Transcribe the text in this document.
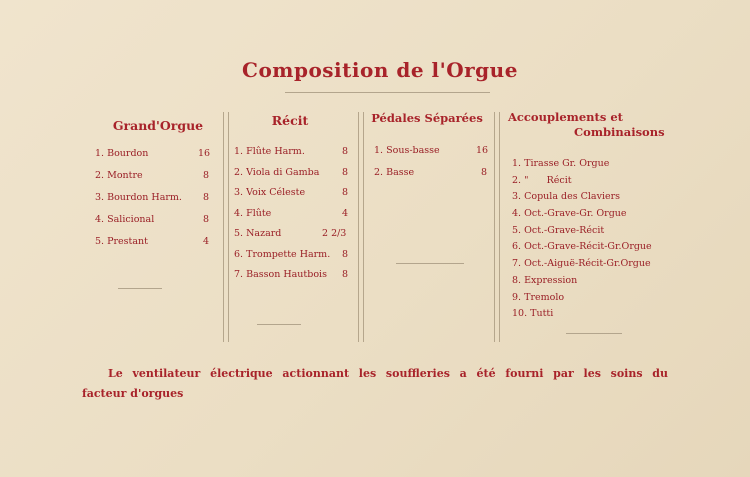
Composition de l'Orgue
Grand'Orgue
1. Bourdon	16
2. Montre	8
3. Bourdon Harm. 8
4. Salicional	8
5. Prestant	4
Récit
1. Flûte Harm.	8
2. Viola di Gamba 8
3. Voix Céleste	8
4. Flûte	4
5. Nazard	2 2/3
6. Trompette Harm. 8
7. Basson Hautbois 8
Pédales Séparées
1. Sous-basse	16
2. Basse	8
Accouplements et
Combinaisons
1. Tirasse Gr. Orgue
2. "      Récit
3. Copula des Claviers
4. Oct.-Grave-Gr. Orgue
5. Oct.-Grave-Récit
6. Oct.-Grave-Récit-Gr.Orgue
7. Oct.-Aiguë-Récit-Gr.Orgue
8. Expression
9. Tremolo
10. Tutti
Le ventilateur électrique actionnant les souffleries a été fourni par les soins du
facteur d'orgues
